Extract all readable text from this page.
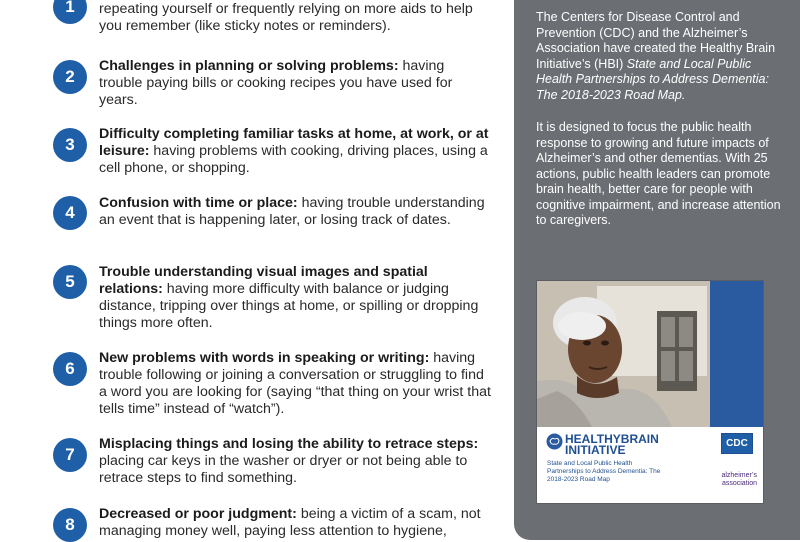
1	repeating yourself or frequently relying on more aids to help you remember (like sticky notes or reminders).
2
Challenges in planning or solving problems: having trouble paying bills or cooking recipes you have used for years.
3
Difficulty completing familiar tasks at home, at work, or at leisure: having problems with cooking, driving places, using a cell phone, or shopping.
4	Confusion with time or place: having trouble understanding an event that is happening later, or losing track of dates.
5	Trouble understanding visual images and spatial relations: having more difficulty with balance or judging distance, tripping over things at home, or spilling or dropping things more often.
6
New problems with words in speaking or writing: having trouble following or joining a conversation or struggling to find a word you are looking for (saying “that thing on your wrist that tells time” instead of “watch”).
7
Misplacing things and losing the ability to retrace steps: placing car keys in the washer or dryer or not being able to retrace steps to find something.
8
Decreased or poor judgment: being a victim of a scam, not managing money well, paying less attention to hygiene,
The Centers for Disease Control and Prevention (CDC) and the Alzheimer’s Association have created the Healthy Brain Initiative’s (HBI) State and Local Public Health Partnerships to Address Dementia: The 2018-2023 Road Map.
It is designed to focus the public health response to growing and future impacts of Alzheimer’s and other dementias. With 25 actions, public health leaders can promote brain health, better care for people with cognitive impairment, and increase attention to caregivers.
HEALTHYBRAIN
INITIATIVE
State and Local Public Health Partnerships to Address Dementia: The 2018-2023 Road Map
CDC
alzheimer’s
association
